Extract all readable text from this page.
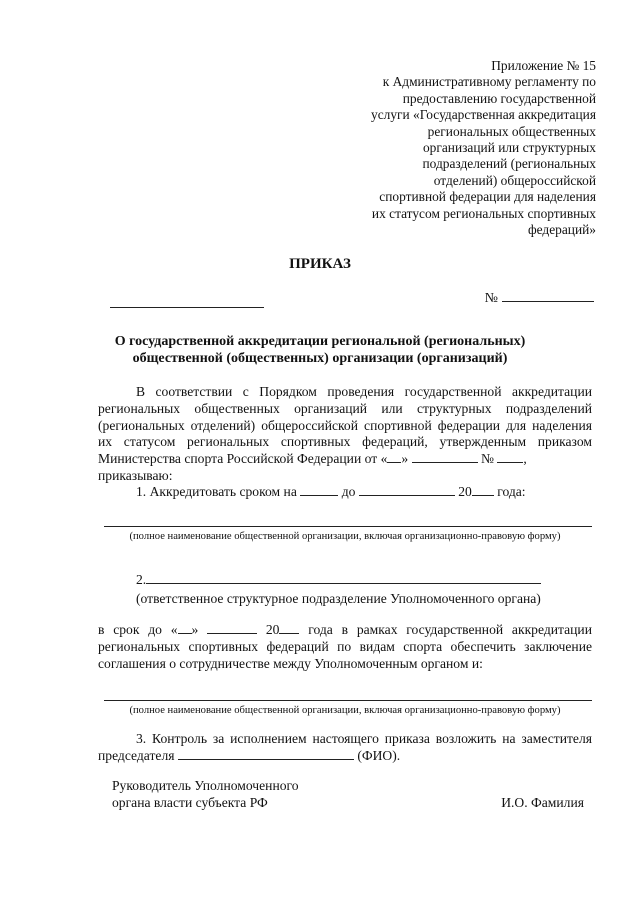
Приложение № 15
к Административному регламенту по
предоставлению государственной
услуги «Государственная аккредитация
региональных общественных
организаций или структурных
подразделений (региональных
отделений) общероссийской
спортивной федерации для наделения
их статусом региональных спортивных
федераций»
ПРИКАЗ
№
О государственной аккредитации региональной (региональных)
общественной (общественных) организации (организаций)

В соответствии с Порядком проведения государственной аккредитации региональных общественных организаций или структурных подразделений (региональных отделений) общероссийской спортивной федерации для наделения их статусом региональных спортивных федераций, утвержденным приказом Министерства спорта Российской Федерации от « »	№ ,

приказываю:

1. Аккредитовать сроком на	до	20 года:

(полное наименование общественной организации, включая организационно-правовую форму)
2.
(ответственное структурное подразделение Уполномоченного органа)

в срок до « »	20 года в рамках государственной аккредитации региональных спортивных федераций по видам спорта обеспечить заключение соглашения о сотрудничестве между Уполномоченным органом и:

(полное наименование общественной организации, включая организационно-правовую форму)

3. Контроль за исполнением настоящего приказа возложить на заместителя председателя	(ФИО).

Руководитель Уполномоченного
органа власти субъекта РФ	И.О. Фамилия
